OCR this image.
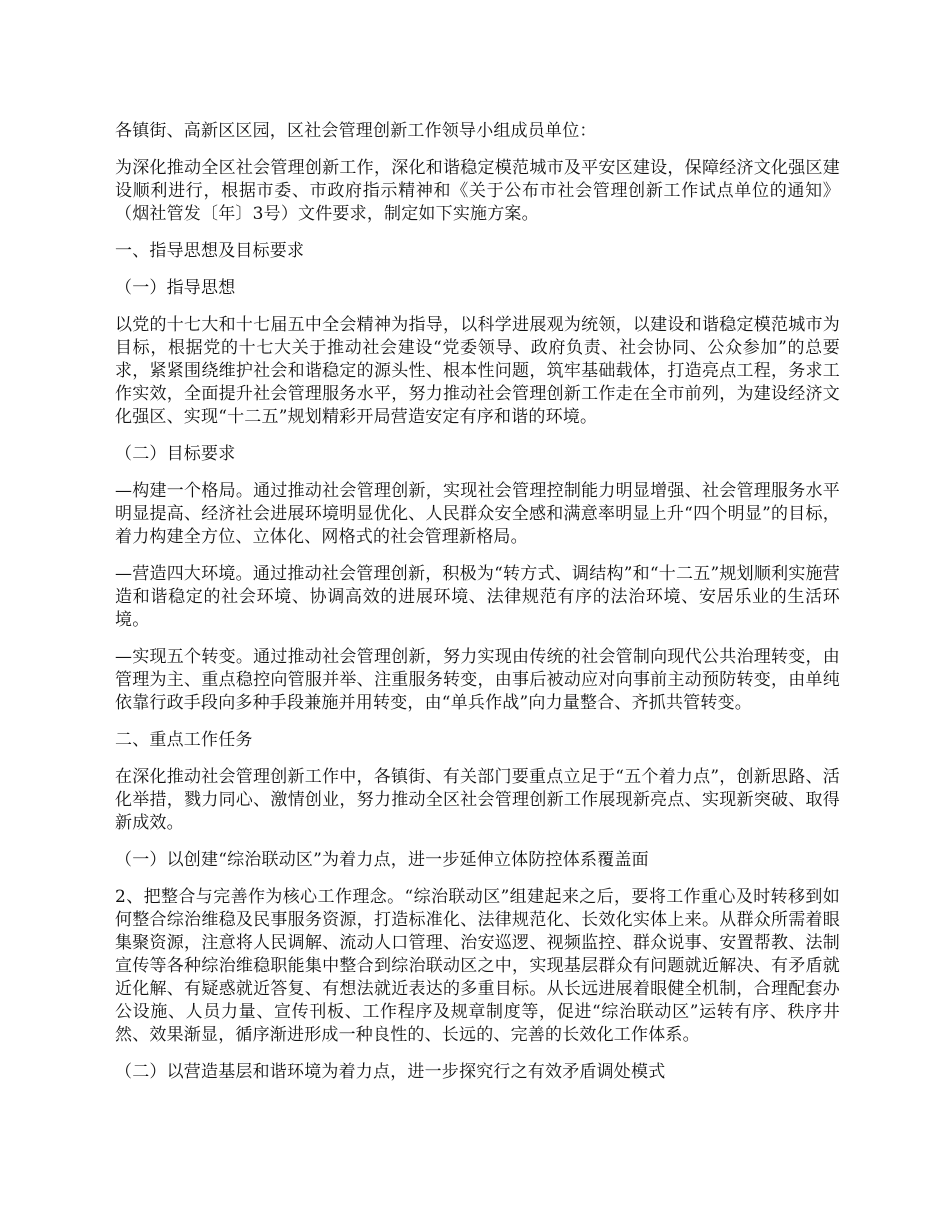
各镇街、高新区区园，区社会管理创新工作领导小组成员单位：

为深化推动全区社会管理创新工作，深化和谐稳定模范城市及平安区建设，保障经济文化强区建设顺利进行，根据市委、市政府指示精神和《关于公布市社会管理创新工作试点单位的通知》（烟社管发〔年〕3号）文件要求，制定如下实施方案。

一、指导思想及目标要求

（一）指导思想

以党的十七大和十七届五中全会精神为指导，以科学进展观为统领，以建设和谐稳定模范城市为目标，根据党的十七大关于推动社会建设“党委领导、政府负责、社会协同、公众参加”的总要求，紧紧围绕维护社会和谐稳定的源头性、根本性问题，筑牢基础载体，打造亮点工程，务求工作实效，全面提升社会管理服务水平，努力推动社会管理创新工作走在全市前列，为建设经济文化强区、实现“十二五”规划精彩开局营造安定有序和谐的环境。

（二）目标要求

—构建一个格局。通过推动社会管理创新，实现社会管理控制能力明显增强、社会管理服务水平明显提高、经济社会进展环境明显优化、人民群众安全感和满意率明显上升“四个明显”的目标，着力构建全方位、立体化、网格式的社会管理新格局。

—营造四大环境。通过推动社会管理创新，积极为“转方式、调结构”和“十二五”规划顺利实施营造和谐稳定的社会环境、协调高效的进展环境、法律规范有序的法治环境、安居乐业的生活环境。

—实现五个转变。通过推动社会管理创新，努力实现由传统的社会管制向现代公共治理转变，由管理为主、重点稳控向管服并举、注重服务转变，由事后被动应对向事前主动预防转变，由单纯依靠行政手段向多种手段兼施并用转变，由“单兵作战”向力量整合、齐抓共管转变。

二、重点工作任务

在深化推动社会管理创新工作中，各镇街、有关部门要重点立足于“五个着力点”，创新思路、活化举措，戮力同心、激情创业，努力推动全区社会管理创新工作展现新亮点、实现新突破、取得新成效。

（一）以创建“综治联动区”为着力点，进一步延伸立体防控体系覆盖面

2、把整合与完善作为核心工作理念。“综治联动区”组建起来之后，要将工作重心及时转移到如何整合综治维稳及民事服务资源，打造标准化、法律规范化、长效化实体上来。从群众所需着眼集聚资源，注意将人民调解、流动人口管理、治安巡逻、视频监控、群众说事、安置帮教、法制宣传等各种综治维稳职能集中整合到综治联动区之中，实现基层群众有问题就近解决、有矛盾就近化解、有疑惑就近答复、有想法就近表达的多重目标。从长远进展着眼健全机制，合理配套办公设施、人员力量、宣传刊板、工作程序及规章制度等，促进“综治联动区”运转有序、秩序井然、效果渐显，循序渐进形成一种良性的、长远的、完善的长效化工作体系。

（二）以营造基层和谐环境为着力点，进一步探究行之有效矛盾调处模式
